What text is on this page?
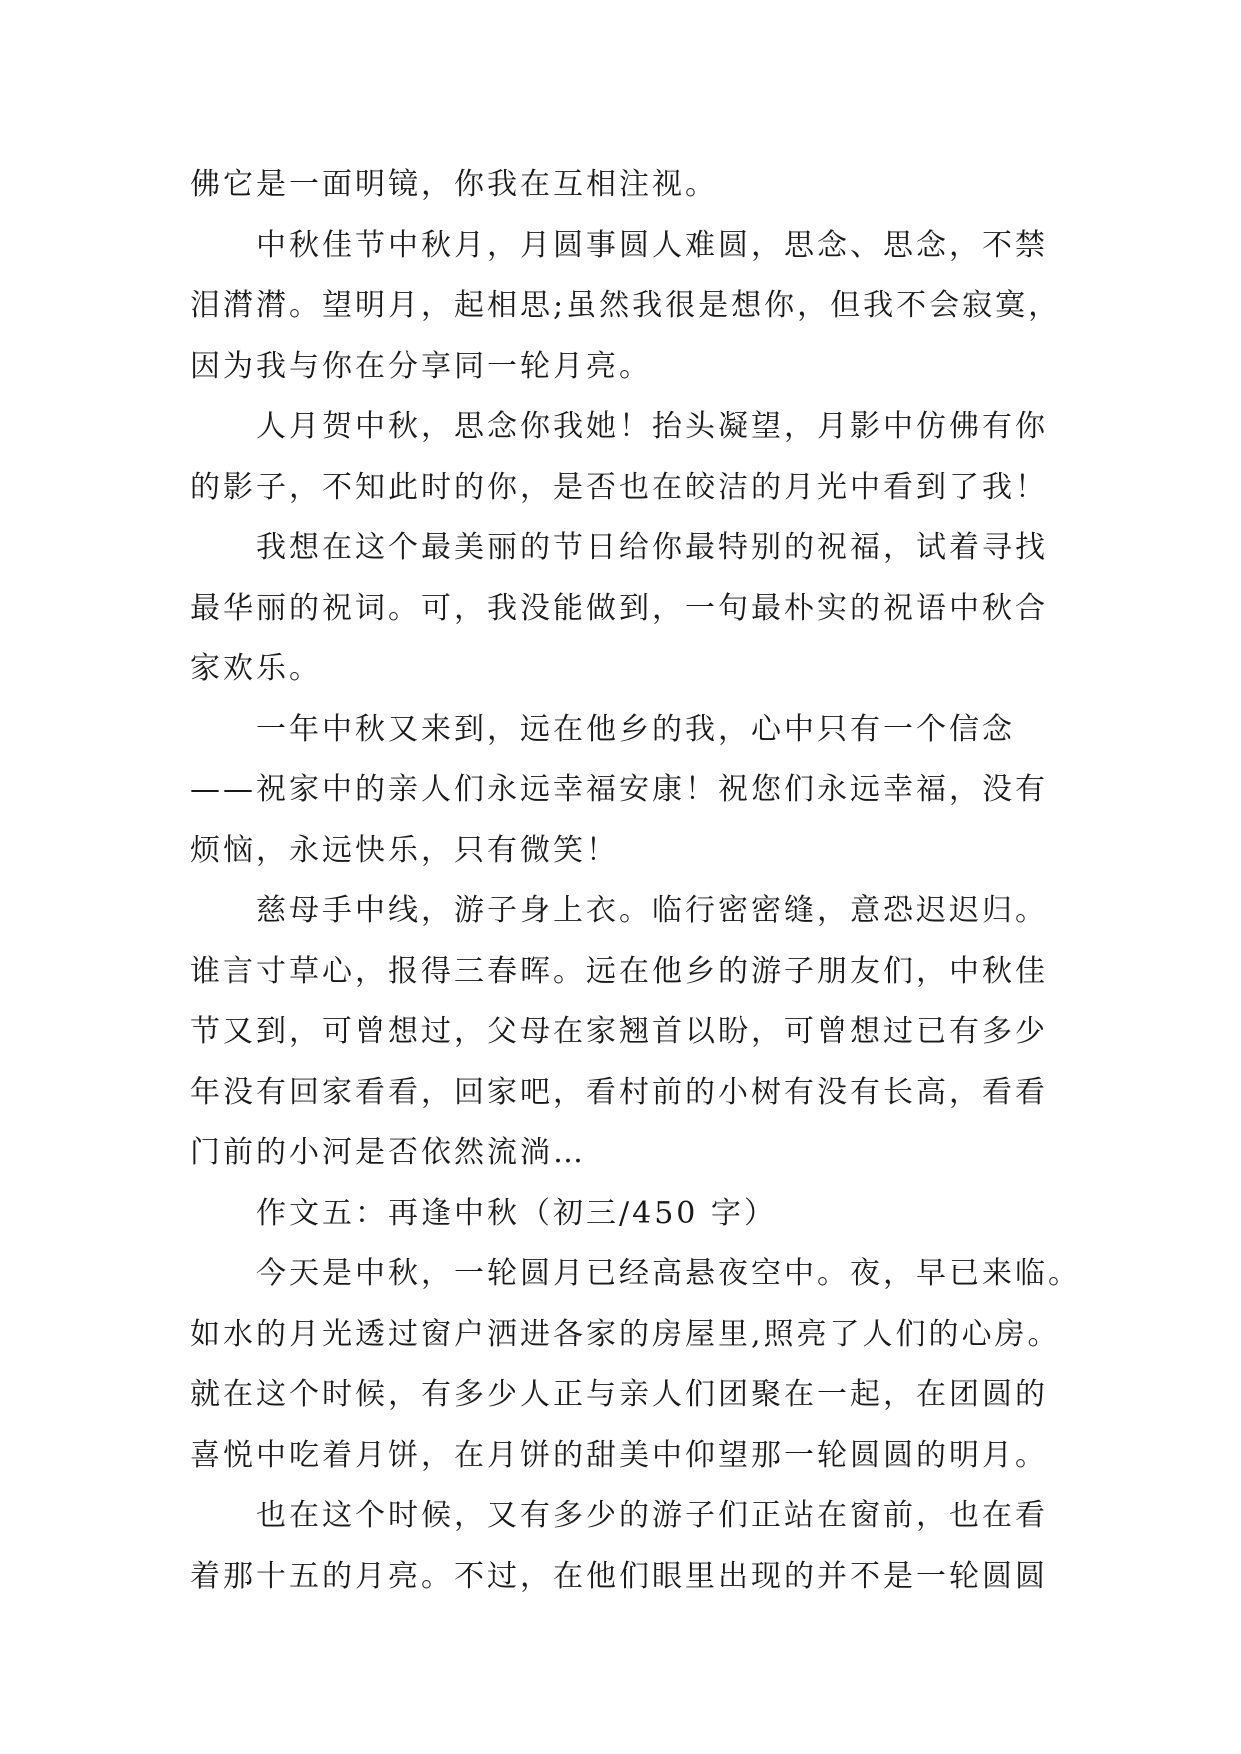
佛它是一面明镜，你我在互相注视。
中秋佳节中秋月，月圆事圆人难圆，思念、思念，不禁
泪潸潸。望明月，起相思;虽然我很是想你，但我不会寂寞，
因为我与你在分享同一轮月亮。
人月贺中秋，思念你我她！抬头凝望，月影中仿佛有你
的影子，不知此时的你，是否也在皎洁的月光中看到了我！
我想在这个最美丽的节日给你最特别的祝福，试着寻找
最华丽的祝词。可，我没能做到，一句最朴实的祝语中秋合
家欢乐。
一年中秋又来到，远在他乡的我，心中只有一个信念
——祝家中的亲人们永远幸福安康！祝您们永远幸福，没有
烦恼，永远快乐，只有微笑！
慈母手中线，游子身上衣。临行密密缝，意恐迟迟归。
谁言寸草心，报得三春晖。远在他乡的游子朋友们，中秋佳
节又到，可曾想过，父母在家翘首以盼，可曾想过已有多少
年没有回家看看，回家吧，看村前的小树有没有长高，看看
门前的小河是否依然流淌…
作文五：再逢中秋（初三/450 字）
今天是中秋，一轮圆月已经高悬夜空中。夜，早已来临。
如水的月光透过窗户洒进各家的房屋里,照亮了人们的心房。
就在这个时候，有多少人正与亲人们团聚在一起，在团圆的
喜悦中吃着月饼，在月饼的甜美中仰望那一轮圆圆的明月。
也在这个时候，又有多少的游子们正站在窗前，也在看
着那十五的月亮。不过，在他们眼里出现的并不是一轮圆圆
